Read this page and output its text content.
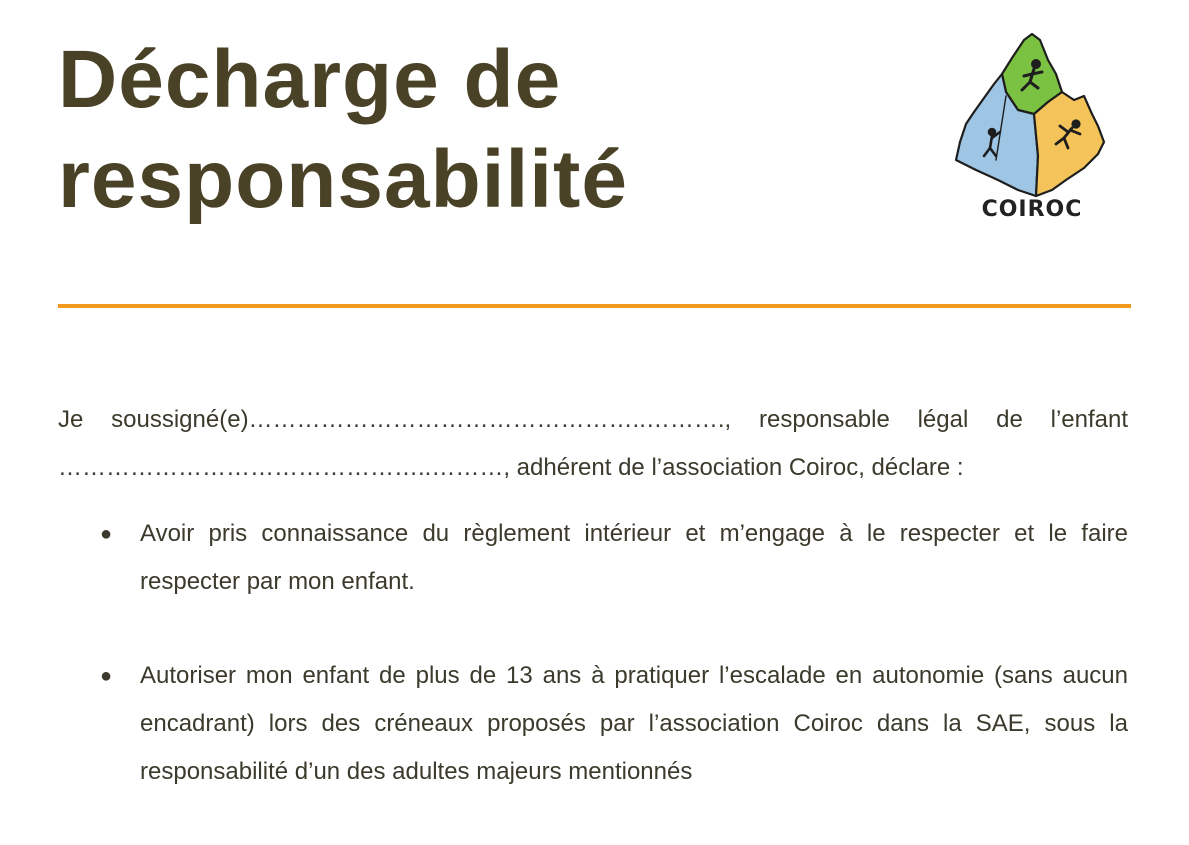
Décharge de
responsabilité	COIROC

Je soussigné(e)…………………………………………..………., responsable légal de l’enfant ………………………………………..………, adhérent de l’association Coiroc, déclare :

● Avoir pris connaissance du règlement intérieur et m’engage à le respecter et le faire respecter par mon enfant.
● Autoriser mon enfant de plus de 13 ans à pratiquer l’escalade en autonomie (sans aucun encadrant) lors des créneaux proposés par l’association Coiroc dans la SAE, sous la responsabilité d’un des adultes majeurs mentionnés
